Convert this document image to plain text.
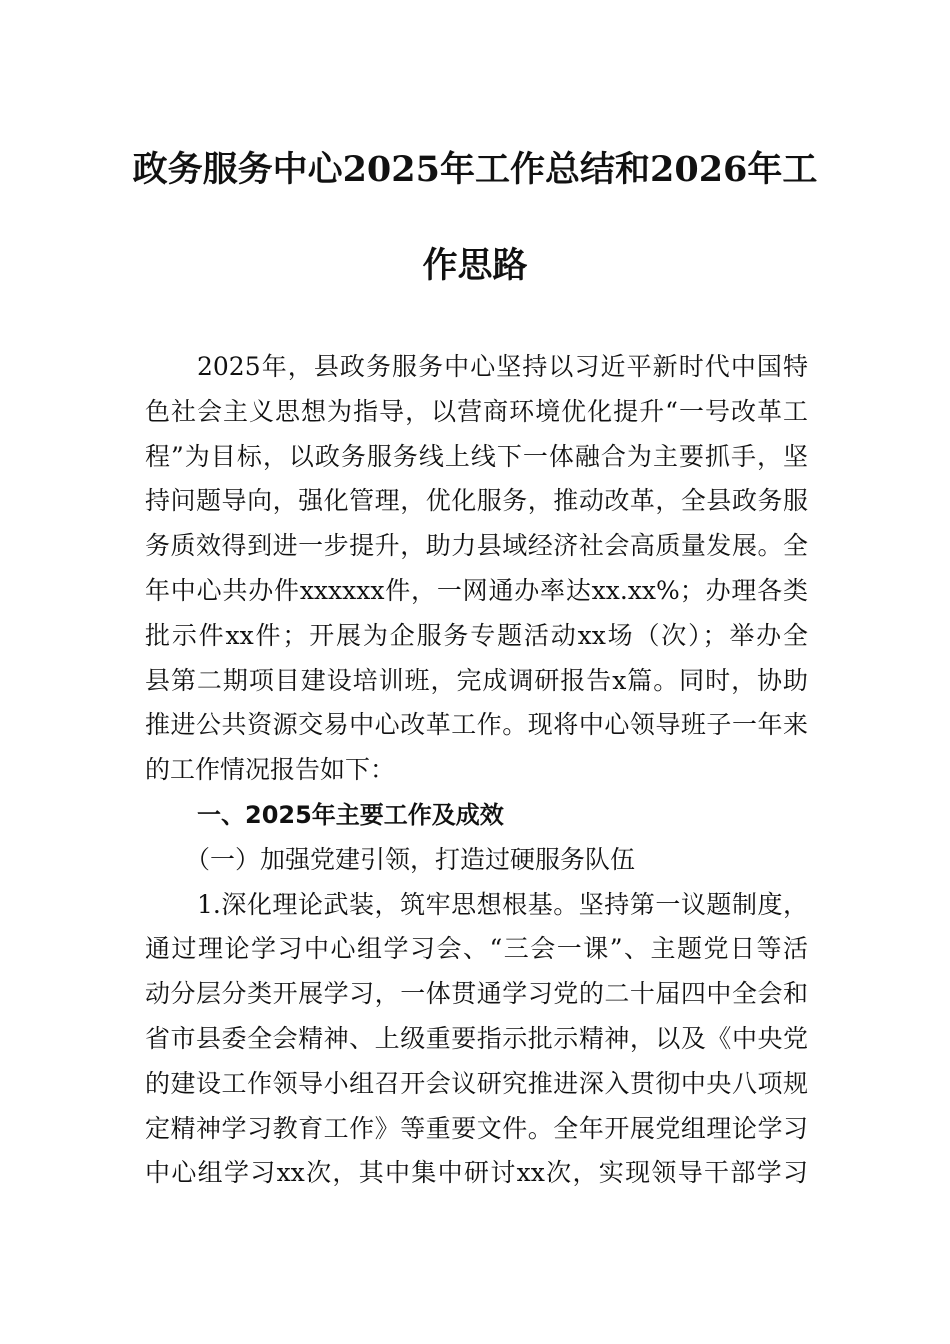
政务服务中心2025年工作总结和2026年工
作思路
2025年，县政务服务中心坚持以习近平新时代中国特
色社会主义思想为指导，以营商环境优化提升“一号改革工
程”为目标，以政务服务线上线下一体融合为主要抓手，坚
持问题导向，强化管理，优化服务，推动改革，全县政务服
务质效得到进一步提升，助力县域经济社会高质量发展。全
年中心共办件xxxxxx件，一网通办率达xx.xx%；办理各类
批示件xx件；开展为企服务专题活动xx场（次）；举办全
县第二期项目建设培训班，完成调研报告x篇。同时，协助
推进公共资源交易中心改革工作。现将中心领导班子一年来
的工作情况报告如下：
一、2025年主要工作及成效
（一）加强党建引领，打造过硬服务队伍
1.深化理论武装，筑牢思想根基。坚持第一议题制度，
通过理论学习中心组学习会、“三会一课”、主题党日等活
动分层分类开展学习，一体贯通学习党的二十届四中全会和
省市县委全会精神、上级重要指示批示精神，以及《中央党
的建设工作领导小组召开会议研究推进深入贯彻中央八项规
定精神学习教育工作》等重要文件。全年开展党组理论学习
中心组学习xx次，其中集中研讨xx次，实现领导干部学习
